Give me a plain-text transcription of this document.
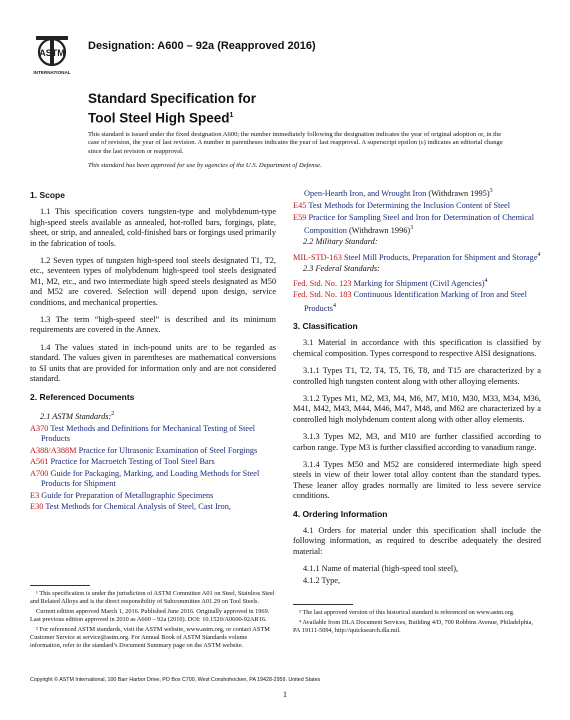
ASTM
INTERNATIONAL
Designation: A600 – 92a (Reapproved 2016)
Standard Specification for
Tool Steel High Speed$^1$

This standard is issued under the fixed designation A600; the number immediately following the designation indicates the year of original adoption or, in the case of revision, the year of last revision. A number in parentheses indicates the year of last reapproval. A superscript epsilon (ε) indicates an editorial change since the last revision or reapproval.

This standard has been approved for use by agencies of the U.S. Department of Defense.

1. Scope

1.1 This specification covers tungsten-type and molybdenum-type high-speed steels available as annealed, hot-rolled bars, forgings, plate, sheet, or strip, and annealed, cold-finished bars or forgings used primarily in the fabrication of tools.

1.2 Seven types of tungsten high-speed tool steels designated T1, T2, etc., seventeen types of molybdenum high-speed tool steels designated M1, M2, etc., and two intermediate high speed steels designated as M50 and M52 are covered. Selection will depend upon design, service conditions, and mechanical properties.

1.3 The term “high-speed steel” is described and its minimum requirements are covered in the Annex.

1.4 The values stated in inch-pound units are to be regarded as standard. The values given in parentheses are mathematical conversions to SI units that are provided for information only and are not considered standard.

2. Referenced Documents
2.1 ASTM Standards:$^2$
A370 Test Methods and Definitions for Mechanical Testing of Steel Products
A388/A388M Practice for Ultrasonic Examination of Steel Forgings
A561 Practice for Macroetch Testing of Tool Steel Bars
A700 Guide for Packaging, Marking, and Loading Methods for Steel Products for Shipment
E3 Guide for Preparation of Metallographic Specimens
E30 Test Methods for Chemical Analysis of Steel, Cast Iron,

¹ This specification is under the jurisdiction of ASTM Committee A01 on Steel, Stainless Steel and Related Alloys and is the direct responsibility of Subcommittee A01.29 on Tool Steels.

Current edition approved March 1, 2016. Published June 2016. Originally approved in 1969. Last previous edition approved in 2010 as A600 – 92a (2010). DOI: 10.1520/A0600-92AR16.

² For referenced ASTM standards, visit the ASTM website, www.astm.org, or contact ASTM Customer Service at service@astm.org. For Annual Book of ASTM Standards volume information, refer to the standard’s Document Summary page on the ASTM website.

Open-Hearth Iron, and Wrought Iron (Withdrawn 1995)$^3$
E45 Test Methods for Determining the Inclusion Content of Steel
E59 Practice for Sampling Steel and Iron for Determination of Chemical Composition (Withdrawn 1996)$^3$
2.2 Military Standard:
MIL-STD-163 Steel Mill Products, Preparation for Shipment and Storage$^4$
2.3 Federal Standards:
Fed. Std. No. 123 Marking for Shipment (Civil Agencies)$^4$
Fed. Std. No. 183 Continuous Identification Marking of Iron and Steel Products$^4$
3. Classification

3.1 Material in accordance with this specification is classified by chemical composition. Types correspond to respective AISI designations.

3.1.1 Types T1, T2, T4, T5, T6, T8, and T15 are characterized by a controlled high tungsten content along with other alloying elements.

3.1.2 Types M1, M2, M3, M4, M6, M7, M10, M30, M33, M34, M36, M41, M42, M43, M44, M46, M47, M48, and M62 are characterized by a controlled high molybdenum content along with other alloy elements.

3.1.3 Types M2, M3, and M10 are further classified according to carbon range. Type M3 is further classified according to vanadium range.

3.1.4 Types M50 and M52 are considered intermediate high speed steels in view of their lower total alloy content than the standard types. These leaner alloy grades normally are limited to less severe service conditions.

4. Ordering Information

4.1 Orders for material under this specification shall include the following information, as required to describe adequately the desired material:

4.1.1 Name of material (high-speed tool steel),

4.1.2 Type,

³ The last approved version of this historical standard is referenced on www.astm.org.

⁴ Available from DLA Document Services, Building 4/D, 700 Robbins Avenue, Philadelphia, PA 19111-5094, http://quicksearch.dla.mil.

Copyright © ASTM International, 100 Barr Harbor Drive, PO Box C700, West Conshohocken, PA 19428-2959. United States
1
